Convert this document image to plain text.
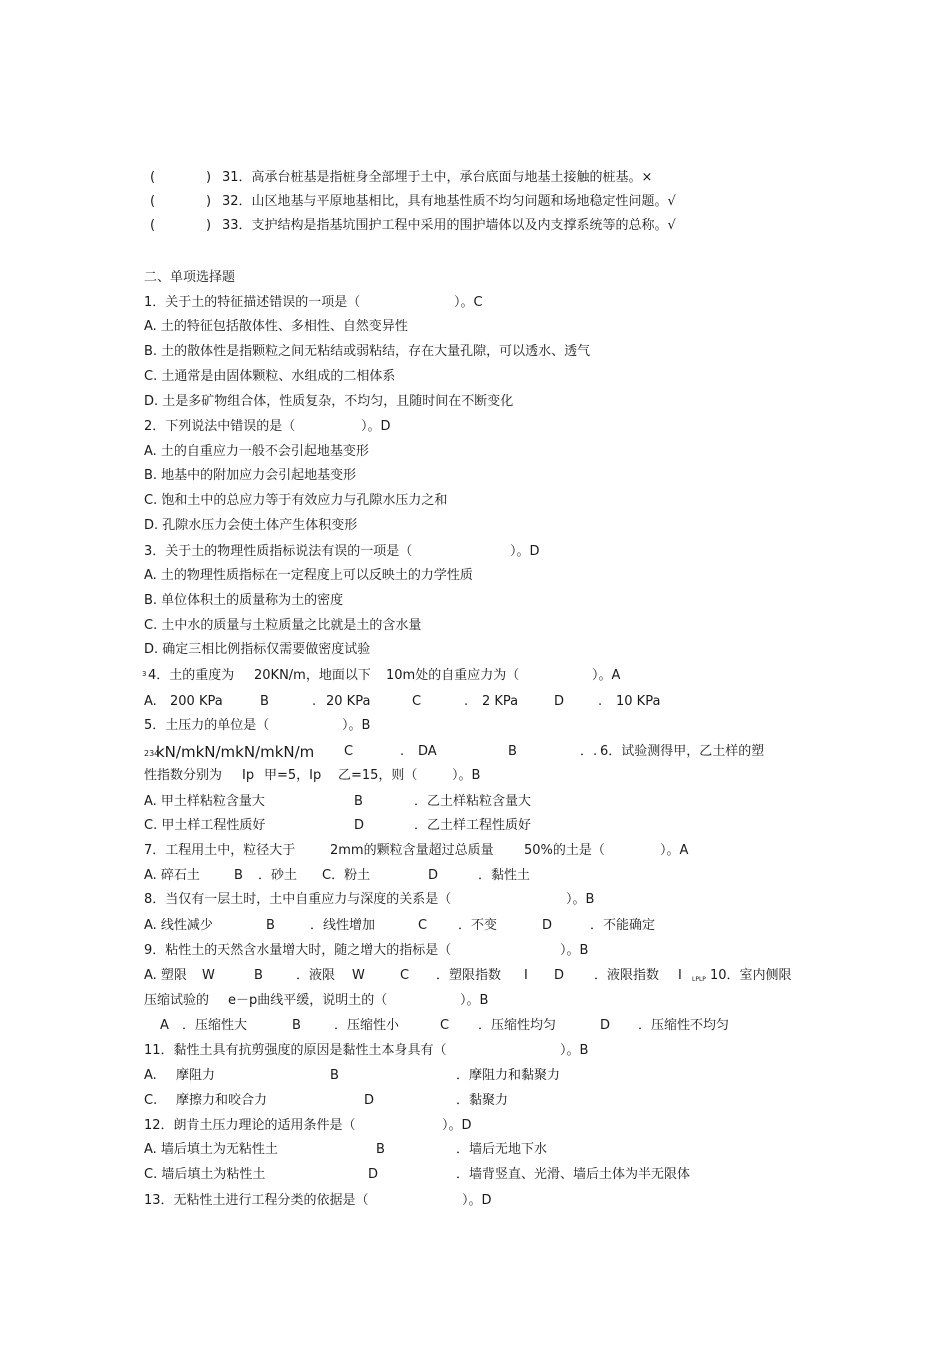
(	) 31．高承台桩基是指桩身全部埋于土中，承台底面与地基土接触的桩基。×
(	) 32．山区地基与平原地基相比，具有地基性质不均匀问题和场地稳定性问题。√
(	) 33．支护结构是指基坑围护工程中采用的围护墙体以及内支撑系统等的总称。√
二、单项选择题
1．关于土的特征描述错误的一项是（	）。C
A. 土的特征包括散体性、多相性、自然变异性
B. 土的散体性是指颗粒之间无粘结或弱粘结，存在大量孔隙，可以透水、透气
C. 土通常是由固体颗粒、水组成的二相体系
D. 土是多矿物组合体，性质复杂，不均匀，且随时间在不断变化
2．下列说法中错误的是（	）。D
A. 土的自重应力一般不会引起地基变形
B. 地基中的附加应力会引起地基变形
C. 饱和土中的总应力等于有效应力与孔隙水压力之和
D. 孔隙水压力会使土体产生体积变形
3．关于土的物理性质指标说法有误的一项是（	）。D
A. 土的物理性质指标在一定程度上可以反映土的力学性质
B. 单位体积土的质量称为土的密度
C. 土中水的质量与土粒质量之比就是土的含水量
D. 确定三相比例指标仅需要做密度试验
3 4．土的重度为 20KN/m，地面以下 10m处的自重应力为（	）。A
A. 200 KPa	B	. 20 KPa	C	. 2 KPa	D	. 10 KPa
5．土压力的单位是（	）。B
234
kN/mkN/mkN/mkN/m C	. DA	B	．. 6．试验测得甲，乙土样的塑
性指数分别为 Ip 甲=5，Ip 乙=15，则（	）。B
A. 甲土样粘粒含量大	B	．乙土样粘粒含量大
C. 甲土样工程性质好	D	．乙土样工程性质好
7．工程用土中，粒径大于	2mm的颗粒含量超过总质量 50%的土是（	）。A
A. 碎石土	B ．砂土 C．粉土	D	．黏性土
8．当仅有一层土时，土中自重应力与深度的关系是（	）。B
A. 线性减少	B	．线性增加	C ．不变	D	．不能确定
9．粘性土的天然含水量增大时，随之增大的指标是（	）。B
A. 塑限 W	B	．液限 W	C ．塑限指数 I D ．液限指数 I LPLP 10．室内侧限
压缩试验的 e－p曲线平缓，说明土的（	）。B
A ．压缩性大	B	．压缩性小	C ．压缩性均匀	D ．压缩性不均匀
11．黏性土具有抗剪强度的原因是黏性土本身具有（	）。B
A. 摩阻力	B	．摩阻力和黏聚力
C. 摩擦力和咬合力	D	．黏聚力
12．朗肯土压力理论的适用条件是（	）。D
A. 墙后填土为无粘性土	B	．墙后无地下水
C. 墙后填土为粘性土	D	．墙背竖直、光滑、墙后土体为半无限体
13．无粘性土进行工程分类的依据是（	）。D
